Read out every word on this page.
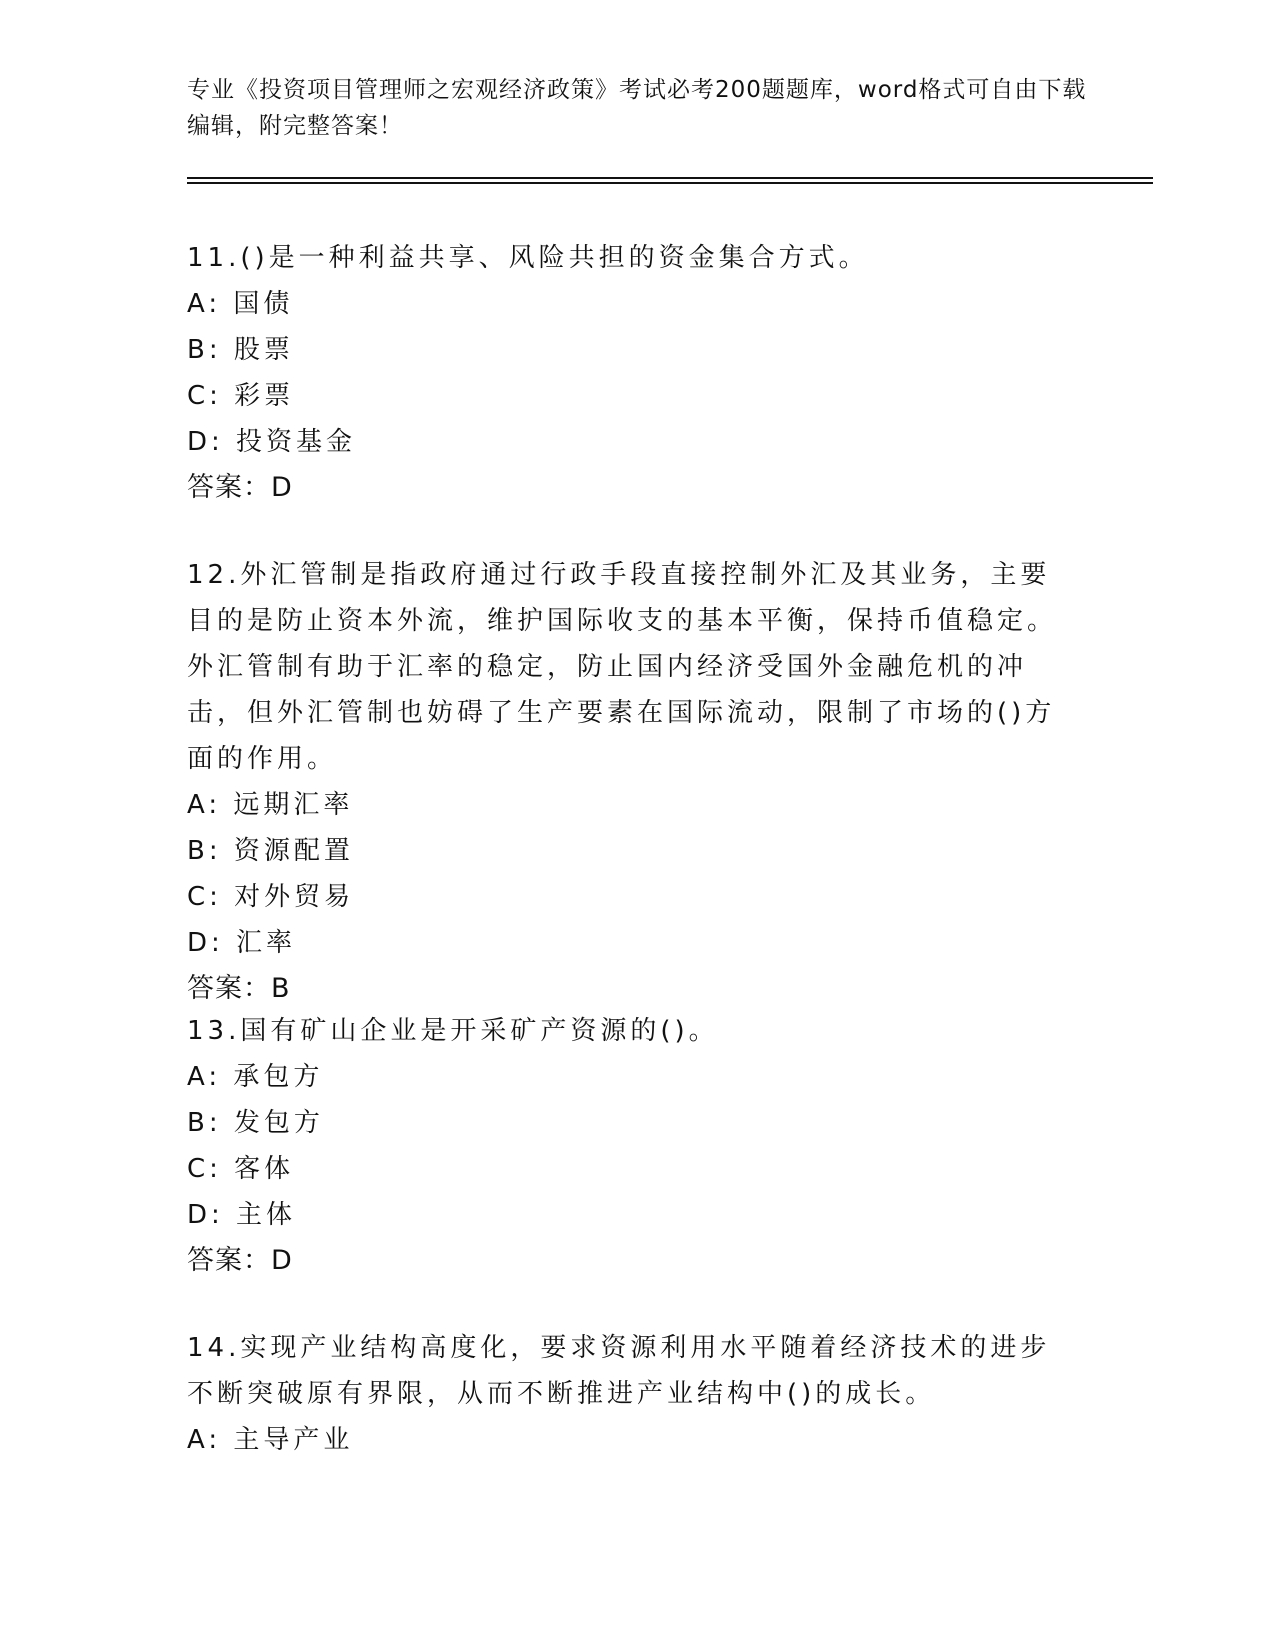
专业《投资项目管理师之宏观经济政策》考试必考200题题库，word格式可自由下载编辑，附完整答案！

11.()是一种利益共享、风险共担的资金集合方式。

A: 国债

B: 股票

C: 彩票

D: 投资基金

答案：D

12.外汇管制是指政府通过行政手段直接控制外汇及其业务，主要目的是防止资本外流，维护国际收支的基本平衡，保持币值稳定。外汇管制有助于汇率的稳定，防止国内经济受国外金融危机的冲击，但外汇管制也妨碍了生产要素在国际流动，限制了市场的()方面的作用。

A: 远期汇率

B: 资源配置

C: 对外贸易

D: 汇率

答案：B

13.国有矿山企业是开采矿产资源的()。

A: 承包方

B: 发包方

C: 客体

D: 主体

答案：D

14.实现产业结构高度化，要求资源利用水平随着经济技术的进步不断突破原有界限，从而不断推进产业结构中()的成长。

A: 主导产业
